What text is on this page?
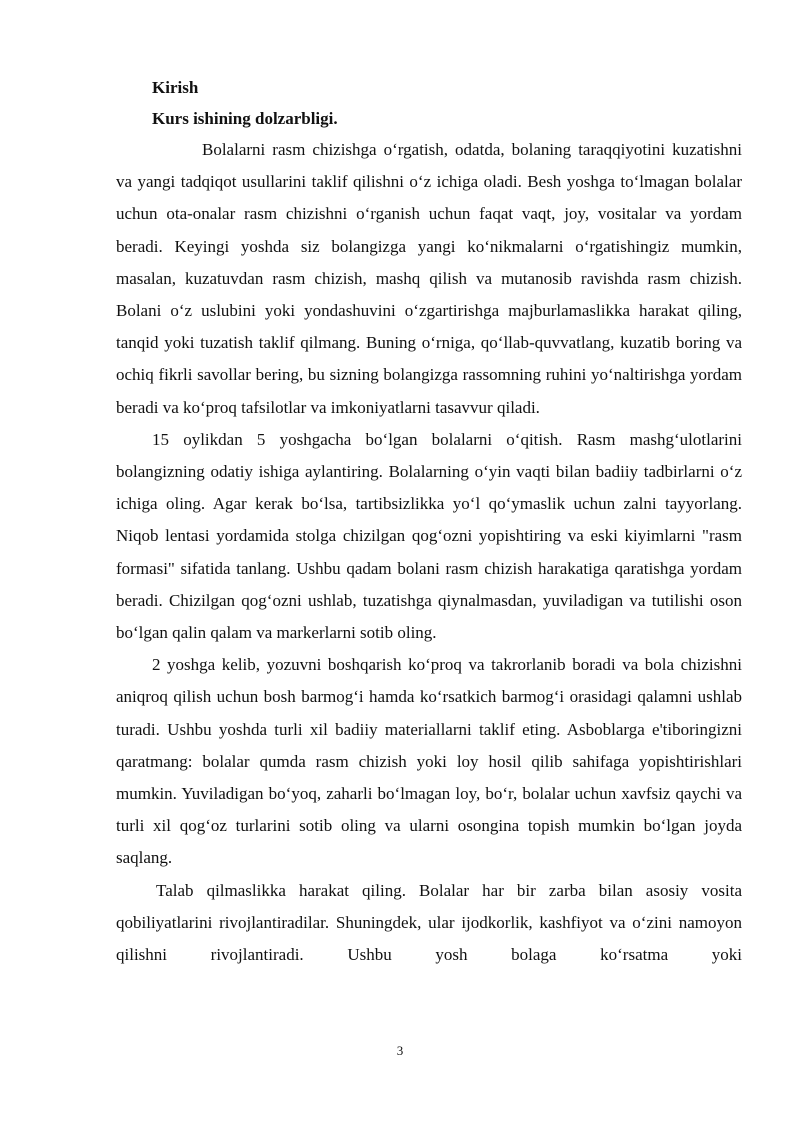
Kirish

Kurs ishining dolzarbligi.

Bolalarni rasm chizishga o‘rgatish, odatda, bolaning taraqqiyotini kuzatishni va yangi tadqiqot usullarini taklif qilishni o‘z ichiga oladi. Besh yoshga to‘lmagan bolalar uchun ota-onalar rasm chizishni o‘rganish uchun faqat vaqt, joy, vositalar va yordam beradi. Keyingi yoshda siz bolangizga yangi ko‘nikmalarni o‘rgatishingiz mumkin, masalan, kuzatuvdan rasm chizish, mashq qilish va mutanosib ravishda rasm chizish. Bolani o‘z uslubini yoki yondashuvini o‘zgartirishga majburlamaslikka harakat qiling, tanqid yoki tuzatish taklif qilmang. Buning o‘rniga, qo‘llab-quvvatlang, kuzatib boring va ochiq fikrli savollar bering, bu sizning bolangizga rassomning ruhini yo‘naltirishga yordam beradi va ko‘proq tafsilotlar va imkoniyatlarni tasavvur qiladi.

15 oylikdan 5 yoshgacha bo‘lgan bolalarni o‘qitish. Rasm mashg‘ulotlarini bolangizning odatiy ishiga aylantiring. Bolalarning o‘yin vaqti bilan badiiy tadbirlarni o‘z ichiga oling. Agar kerak bo‘lsa, tartibsizlikka yo‘l qo‘ymaslik uchun zalni tayyorlang. Niqob lentasi yordamida stolga chizilgan qog‘ozni yopishtiring va eski kiyimlarni "rasm formasi" sifatida tanlang. Ushbu qadam bolani rasm chizish harakatiga qaratishga yordam beradi. Chizilgan qog‘ozni ushlab, tuzatishga qiynalmasdan, yuviladigan va tutilishi oson bo‘lgan qalin qalam va markerlarni sotib oling.

2 yoshga kelib, yozuvni boshqarish ko‘proq va takrorlanib boradi va bola chizishni aniqroq qilish uchun bosh barmog‘i hamda ko‘rsatkich barmog‘i orasidagi qalamni ushlab turadi. Ushbu yoshda turli xil badiiy materiallarni taklif eting. Asboblarga e'tiboringizni qaratmang: bolalar qumda rasm chizish yoki loy hosil qilib sahifaga yopishtirishlari mumkin. Yuviladigan bo‘yoq, zaharli bo‘lmagan loy, bo‘r, bolalar uchun xavfsiz qaychi va turli xil qog‘oz turlarini sotib oling va ularni osongina topish mumkin bo‘lgan joyda saqlang.

Talab qilmaslikka harakat qiling. Bolalar har bir zarba bilan asosiy vosita qobiliyatlarini rivojlantiradilar. Shuningdek, ular ijodkorlik, kashfiyot va o‘zini namoyon qilishni rivojlantiradi. Ushbu yosh bolaga ko‘rsatma yoki

3
